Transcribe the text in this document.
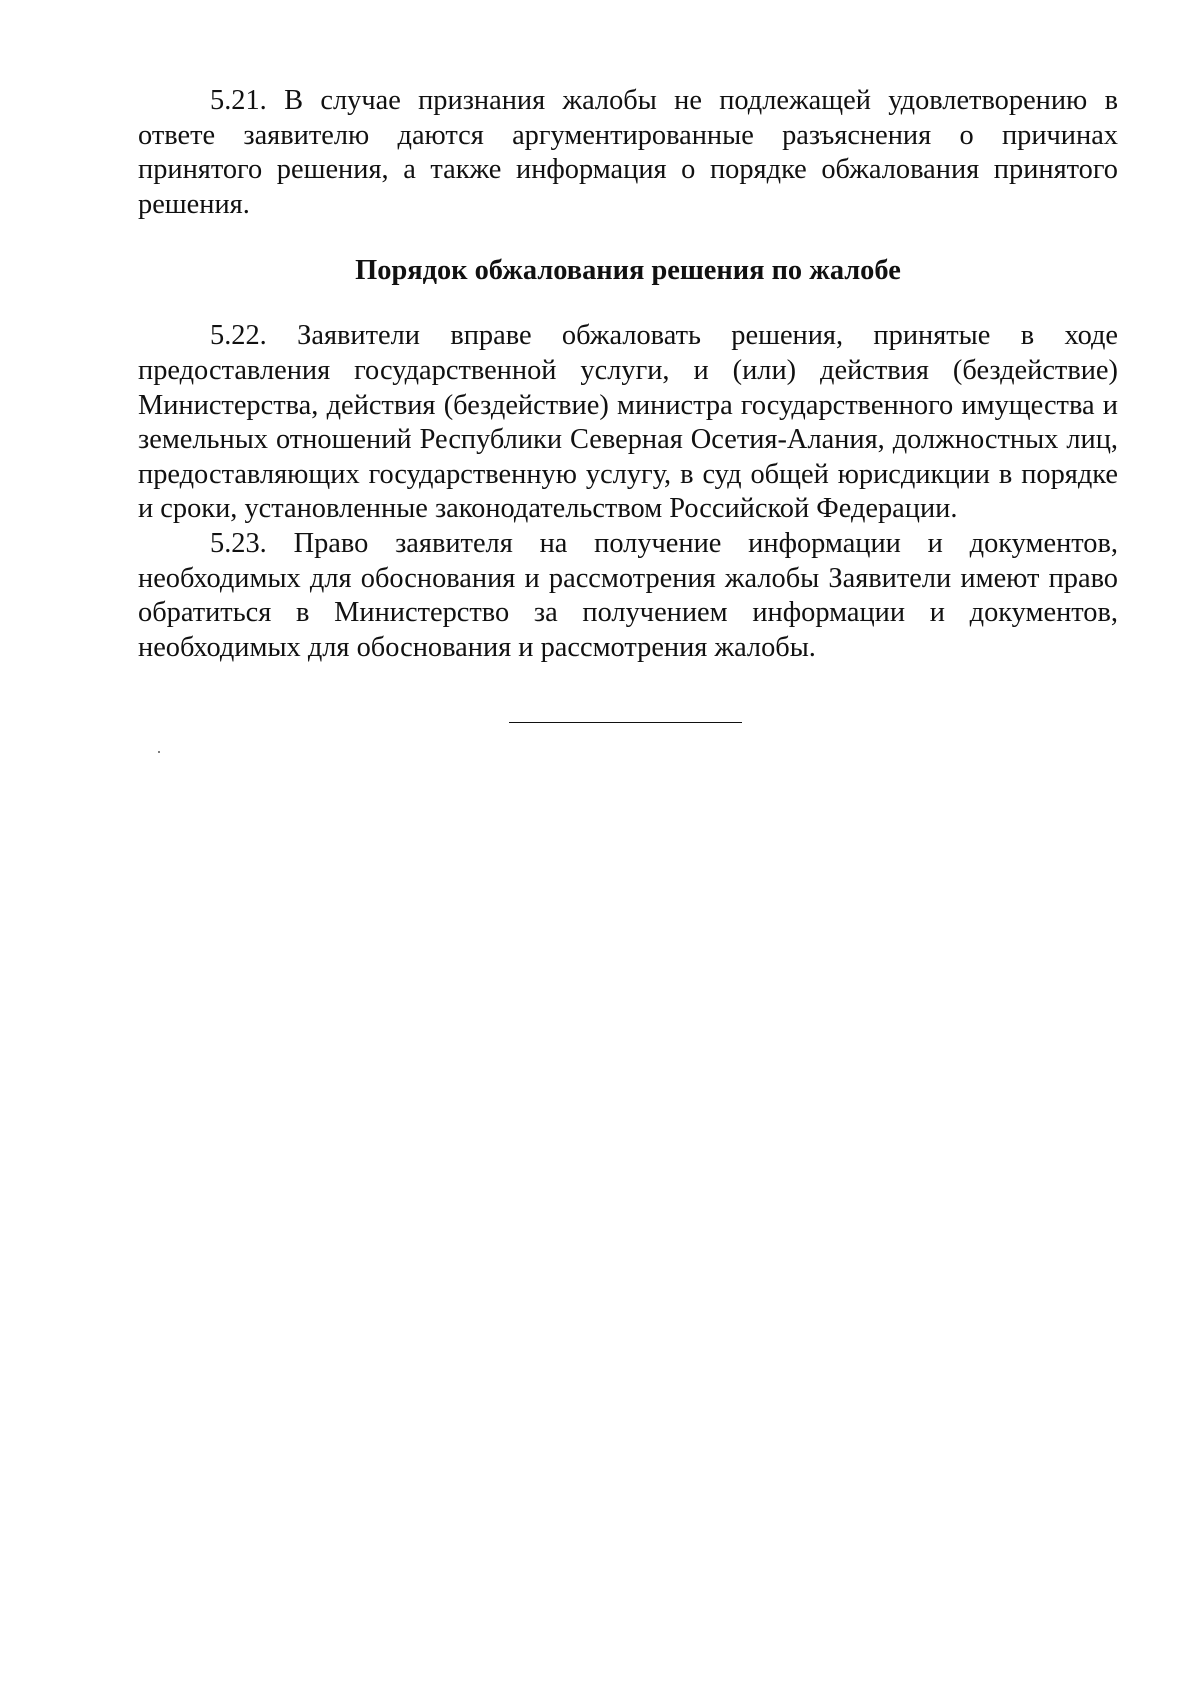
5.21. В случае признания жалобы не подлежащей удовлетворению в ответе заявителю даются аргументированные разъяснения о причинах принятого решения, а также информация о порядке обжалования принятого решения.

Порядок обжалования решения по жалобе

5.22. Заявители вправе обжаловать решения, принятые в ходе предоставления государственной услуги, и (или) действия (бездействие) Министерства, действия (бездействие) министра государственного имущества и земельных отношений Республики Северная Осетия-Алания, должностных лиц, предоставляющих государственную услугу, в суд общей юрисдикции в порядке и сроки, установленные законодательством Российской Федерации.

5.23. Право заявителя на получение информации и документов, необходимых для обоснования и рассмотрения жалобы Заявители имеют право обратиться в Министерство за получением информации и документов, необходимых для обоснования и рассмотрения жалобы.
